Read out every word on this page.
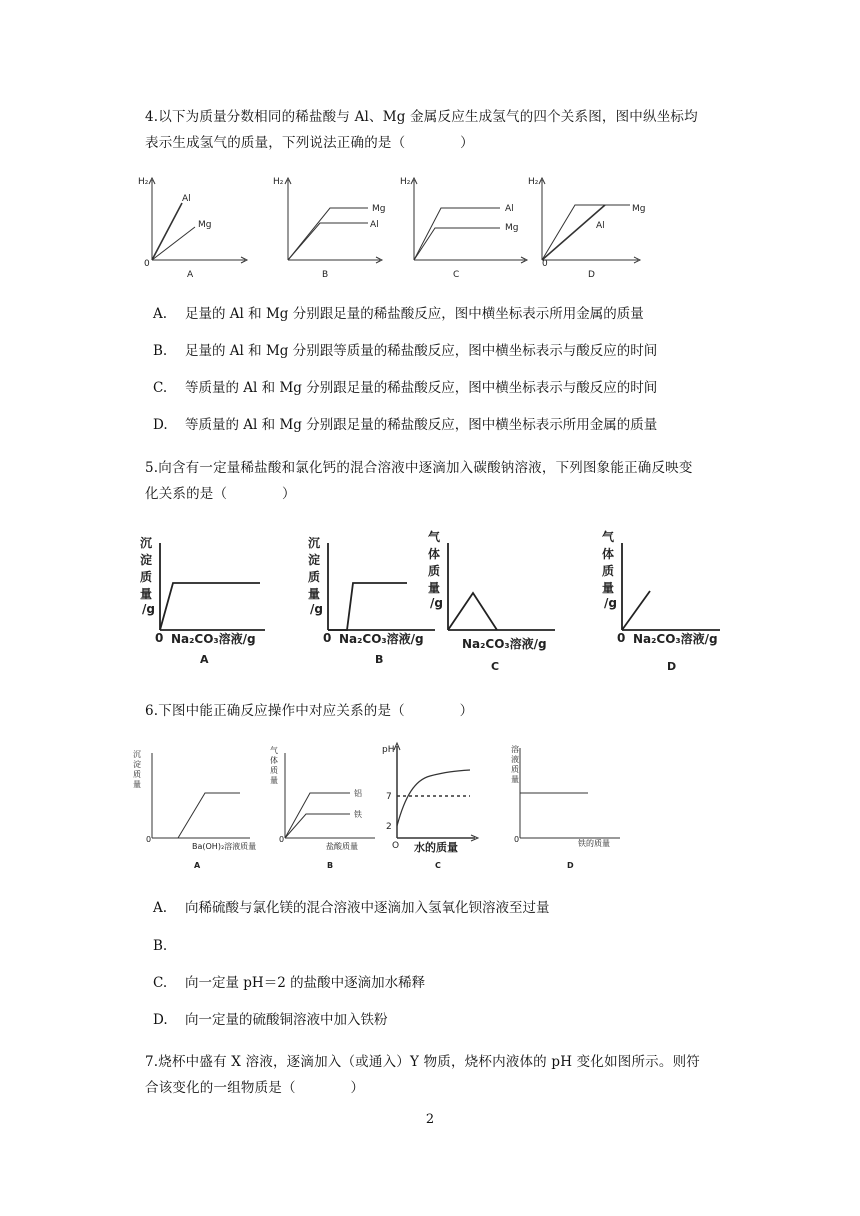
4.以下为质量分数相同的稀盐酸与 Al、Mg 金属反应生成氢气的四个关系图，图中纵坐标均
表示生成氢气的质量，下列说法正确的是（　　　　）
H₂	H₂	H₂	H₂
0	0
Al
Mg
Mg
Al
Al
Mg
Mg
Al
A	B	C	D
A. 足量的 Al 和 Mg 分别跟足量的稀盐酸反应，图中横坐标表示所用金属的质量
B. 足量的 Al 和 Mg 分别跟等质量的稀盐酸反应，图中横坐标表示与酸反应的时间
C. 等质量的 Al 和 Mg 分别跟足量的稀盐酸反应，图中横坐标表示与酸反应的时间
D. 等质量的 Al 和 Mg 分别跟足量的稀盐酸反应，图中横坐标表示所用金属的质量
5.向含有一定量稀盐酸和氯化钙的混合溶液中逐滴加入碳酸钠溶液，下列图象能正确反映变
化关系的是（　　　　）
沉
淀
质
量
/g
沉
淀
质
量
/g
气
体
质
量
/g
气
体
质
量
/g
0	0	0
Na₂CO₃溶液/g	Na₂CO₃溶液/g	Na₂CO₃溶液/g	Na₂CO₃溶液/g
A	B
C	D
6.下图中能正确反应操作中对应关系的是（　　　　）
沉
淀
质
量
0
Ba(OH)₂溶液质量
气
体
质
量
0
铝
铁
盐酸质量
pH
7
2
O 水的质量
溶
液
质
量
0	铁的质量
A	B	C	D
A. 向稀硫酸与氯化镁的混合溶液中逐滴加入氢氧化钡溶液至过量
B.
C. 向一定量 pH＝2 的盐酸中逐滴加水稀释
D. 向一定量的硫酸铜溶液中加入铁粉
7.烧杯中盛有 X 溶液，逐滴加入（或通入）Y 物质，烧杯内液体的 pH 变化如图所示。则符
合该变化的一组物质是（　　　　）
2
